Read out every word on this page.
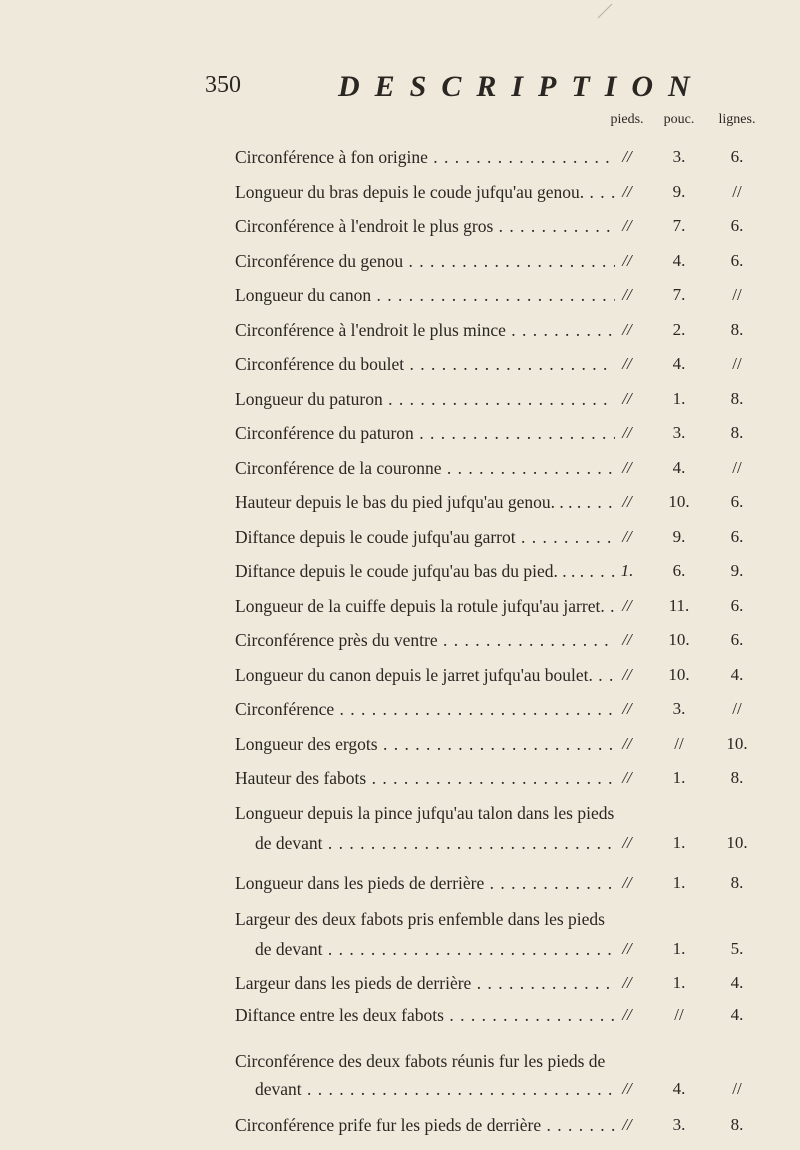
350	DESCRIPTION
pieds.	pouc.	lignes.
Circonférence à fon origine . . .	//	3.	6.
Longueur du bras depuis le coude jufqu'au genou. . . .	//	9.	//
Circonférence à l'endroit le plus gros . . .	//	7.	6.
Circonférence du genou . . .	//	4.	6.
Longueur du canon . . .	//	7.	//
Circonférence à l'endroit le plus mince . . .	//	2.	8.
Circonférence du boulet . . .	//	4.	//
Longueur du paturon . . .	//	1.	8.
Circonférence du paturon . . .	//	3.	8.
Circonférence de la couronne . . .	//	4.	//
Hauteur depuis le bas du pied jufqu'au genou. . . . . . .	//	10.	6.
Diftance depuis le coude jufqu'au garrot . . .	//	9.	6.
Diftance depuis le coude jufqu'au bas du pied. . . . . . .	1.	6.	9.
Longueur de la cuiffe depuis la rotule jufqu'au jarret. . . .	//	11.	6.
Circonférence près du ventre . . .	//	10.	6.
Longueur du canon depuis le jarret jufqu'au boulet. . . .	//	10.	4.
Circonférence . . .	//	3.	//
Longueur des ergots . . .	//	//	10.
Hauteur des fabots . . .	//	1.	8.
Longueur depuis la pince jufqu'au talon dans les pieds
de devant . . .	//	1.	10.
Longueur dans les pieds de derrière . . .	//	1.	8.
Largeur des deux fabots pris enfemble dans les pieds
de devant . . .	//	1.	5.
Largeur dans les pieds de derrière . . .	//	1.	4.
Diftance entre les deux fabots . . .	//	//	4.
Circonférence des deux fabots réunis fur les pieds de
devant . . .	//	4.	//
Circonférence prife fur les pieds de derrière . . .	//	3.	8.
